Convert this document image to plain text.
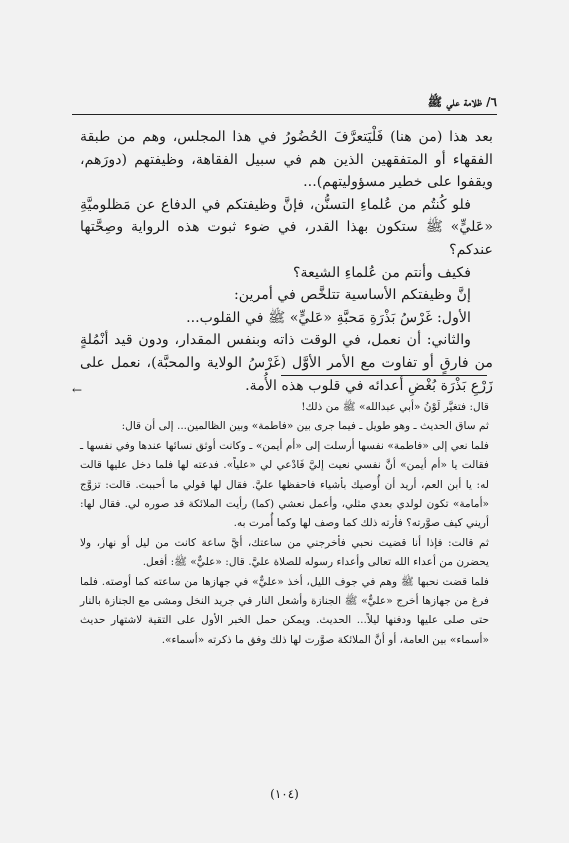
٦/ ظلامة علي ﷺ

بعد هذا (من هنا) فَلْيَتعرَّفَ الحُضُورُ في هذا المجلس، وهم من طبقة الفقهاء أو المتفقهين الذين هم في سبيل الفقاهة، وظيفتهم (دورَهم، ويقفوا على خطير مسؤوليتهم)...

فلو كُنتُم من عُلماءِ التسنُّن، فإنَّ وظيفتكم في الدفاع عن مَظلوميَّةِ «عَليٍّ» ﷺ ستكون بهذا القدر، في ضوء ثبوت هذه الرواية وصِحَّتها عندكم؟

فكيف وأنتم من عُلماءِ الشيعة؟

إنَّ وظيفتكم الأساسية تتلخَّص في أمرين:

الأول: غَرْسُ بَذْرَةِ مَحبَّةِ «عَليٍّ» ﷺ في القلوب...

والثاني: أن نعمل، في الوقت ذاته وبنفس المقدار، ودون قيد أنْمُلةٍ من فارقٍ أو تفاوت مع الأمر الأوَّل (غَرْسُ الولاية والمحبَّة)، نعمل على زَرْعِ بَذْرَة بُغْضِ أعدائه في قلوب هذه الأُمة.

←

قال: فتغيَّر لَوْنُ «أبي عبدالله» ﷺ من ذلك!

ثم ساق الحديث ـ وهو طويل ـ فيما جرى بين «فاطمة» وبين الظالمين... إلى أن قال:

فلما نعي إلى «فاطمة» نفسها أرسلت إلى «أم أيمن» ـ وكانت أوثق نسائها عندها وفي نفسها ـ فقالت يا «أم أيمن» أنَّ نفسي نعيت إليَّ فَادْعي لي «علياً». فدعته لها فلما دخل عليها قالت له: يا أبن العم، أريد أن أُوصيك بأشياء فاحفظها عليَّ. فقال لها قولي ما أحببت. قالت: تزوَّج «أمامة» تكون لولدي بعدي مثلي، وأعمل نعشي (كما) رأيت الملائكة قد صوره لي. فقال لها: أريني كيف صوَّرته؟ فأرته ذلك كما وصف لها وكما أُمرت به.

ثم قالت: فإذا أنا قضيت نحبي فأخرجني من ساعتك، أيَّ ساعة كانت من ليل أو نهار، ولا يحضرن من أعداء الله تعالى وأعداء رسوله للصلاة عليَّ. قال: «عليٌّ» ﷺ: أفعل.

فلما قضت نحبها ﷺ وهم في جوف الليل، أخذ «عليٌّ» في جهازها من ساعته كما أوصته. فلما فرغ من جهازها أخرج «عليٌّ» ﷺ الجنازة وأشعل النار في جريد النخل ومشى مع الجنازة بالنار حتى صلى عليها ودفنها ليلاً... الحديث. ويمكن حمل الخبر الأول على التقية لاشتهار حديث «أسماء» بين العامة، أو أنَّ الملائكة صوَّرت لها ذلك وفق ما ذكرته «أسماء».

(١٠٤)
